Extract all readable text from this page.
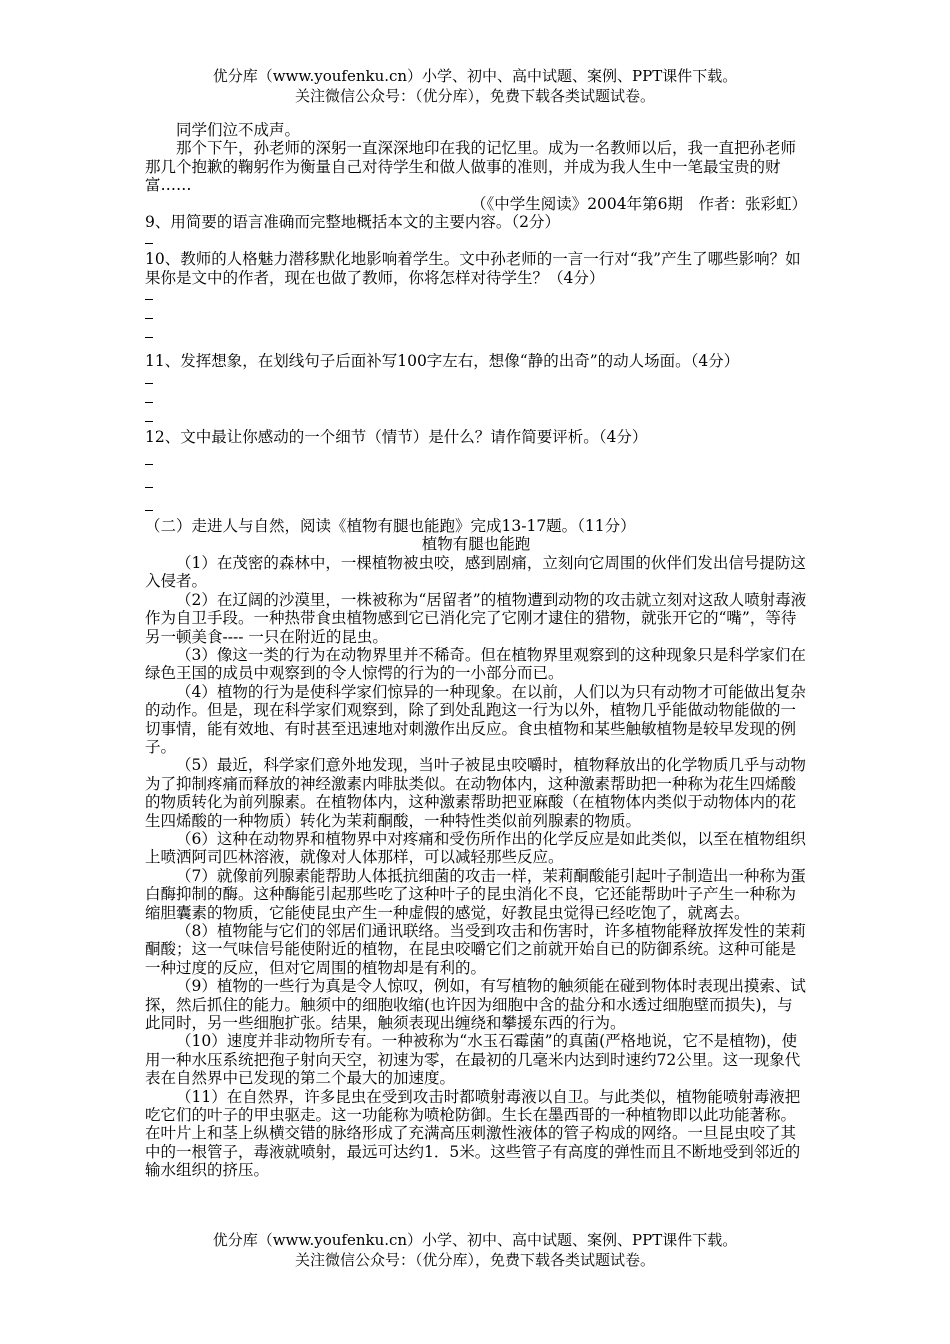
优分库（www.youfenku.cn）小学、初中、高中试题、案例、PPT课件下载。
关注微信公众号：（优分库），免费下载各类试题试卷。

同学们泣不成声。

那个下午，孙老师的深躬一直深深地印在我的记忆里。成为一名教师以后，我一直把孙老师那几个抱歉的鞠躬作为衡量自己对待学生和做人做事的准则，并成为我人生中一笔最宝贵的财富……

（《中学生阅读》2004年第6期　作者：张彩虹）

9、用简要的语言准确而完整地概括本文的主要内容。（2分）

10、教师的人格魅力潜移默化地影响着学生。文中孙老师的一言一行对“我”产生了哪些影响？如果你是文中的作者，现在也做了教师，你将怎样对待学生？（4分）

11、发挥想象，在划线句子后面补写100字左右，想像“静的出奇”的动人场面。（4分）

12、文中最让你感动的一个细节（情节）是什么？请作简要评析。（4分）

（二）走进人与自然，阅读《植物有腿也能跑》完成13-17题。（11分）

植物有腿也能跑

（1）在茂密的森林中，一棵植物被虫咬，感到剧痛，立刻向它周围的伙伴们发出信号提防这入侵者。

（2）在辽阔的沙漠里，一株被称为“居留者”的植物遭到动物的攻击就立刻对这敌人喷射毒液作为自卫手段。一种热带食虫植物感到它已消化完了它刚才逮住的猎物，就张开它的“嘴”，等待另一顿美食---- 一只在附近的昆虫。

（3）像这一类的行为在动物界里并不稀奇。但在植物界里观察到的这种现象只是科学家们在绿色王国的成员中观察到的令人惊愕的行为的一小部分而已。

（4）植物的行为是使科学家们惊异的一种现象。在以前，人们以为只有动物才可能做出复杂的动作。但是，现在科学家们观察到，除了到处乱跑这一行为以外，植物几乎能做动物能做的一切事情，能有效地、有时甚至迅速地对刺激作出反应。食虫植物和某些触敏植物是较早发现的例子。

（5）最近，科学家们意外地发现，当叶子被昆虫咬嚼时，植物释放出的化学物质几乎与动物为了抑制疼痛而释放的神经激素内啡肽类似。在动物体内，这种激素帮助把一种称为花生四烯酸的物质转化为前列腺素。在植物体内，这种激素帮助把亚麻酸（在植物体内类似于动物体内的花生四烯酸的一种物质）转化为茉莉酮酸，一种特性类似前列腺素的物质。

（6）这种在动物界和植物界中对疼痛和受伤所作出的化学反应是如此类似，以至在植物组织上喷洒阿司匹林溶液，就像对人体那样，可以减轻那些反应。

（7）就像前列腺素能帮助人体抵抗细菌的攻击一样，茉莉酮酸能引起叶子制造出一种称为蛋白酶抑制的酶。这种酶能引起那些吃了这种叶子的昆虫消化不良，它还能帮助叶子产生一种称为缩胆囊素的物质，它能使昆虫产生一种虚假的感觉，好教昆虫觉得已经吃饱了，就离去。

（8）植物能与它们的邻居们通讯联络。当受到攻击和伤害时，许多植物能释放挥发性的茉莉酮酸；这一气味信号能使附近的植物，在昆虫咬嚼它们之前就开始自已的防御系统。这种可能是一种过度的反应，但对它周围的植物却是有利的。

（9）植物的一些行为真是令人惊叹，例如，有写植物的触须能在碰到物体时表现出摸索、试探，然后抓住的能力。触须中的细胞收缩(也许因为细胞中含的盐分和水透过细胞壁而损失)，与此同时，另一些细胞扩张。结果，触须表现出缠绕和攀援东西的行为。

（10）速度并非动物所专有。一种被称为“水玉石霉菌”的真菌(严格地说，它不是植物)，使用一种水压系统把孢子射向天空，初速为零，在最初的几毫米内达到时速约72公里。这一现象代表在自然界中已发现的第二个最大的加速度。

（11）在自然界，许多昆虫在受到攻击时都喷射毒液以自卫。与此类似，植物能喷射毒液把吃它们的叶子的甲虫驱走。这一功能称为喷枪防御。生长在墨西哥的一种植物即以此功能著称。在叶片上和茎上纵横交错的脉络形成了充满高压刺激性液体的管子构成的网络。一旦昆虫咬了其中的一根管子，毒液就喷射，最远可达约1．5米。这些管子有高度的弹性而且不断地受到邻近的输水组织的挤压。

优分库（www.youfenku.cn）小学、初中、高中试题、案例、PPT课件下载。
关注微信公众号：（优分库），免费下载各类试题试卷。
